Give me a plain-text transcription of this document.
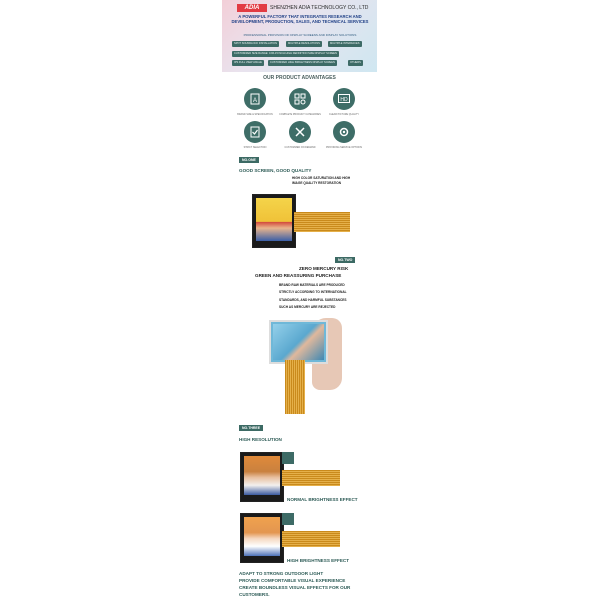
ADIA	SHENZHEN ADIA TECHNOLOGY CO., LTD
A POWERFUL FACTORY THAT INTEGRATES RESEARCH AND DEVELOPMENT, PRODUCTION, SALES, AND TECHNICAL SERVICES
PROFESSIONAL PROVISION OF DISPLAY SCREENS AND DISPLAY SOLUTIONS
SPOT SOUNDLOCK INSTALLATION	MULTIPLE RESOLUTIONS	MULTIPLE INTERFACES
CUSTOMIZED SIZE RANGE: 0.96-15 INCH HIGH DEFINITION SIZE DISPLAY SCREEN
IPS FULL VIEW ANGLE	CUSTOMIZED HIGH BRIGHTNESS DISPLAY SCREEN	OTHERS
OUR PRODUCT ADVANTAGES
A
BRAND SIZE & SPECIFICATION	COMPLETE PRODUCT CATEGORIES
HD
CLEAR PICTURE QUALITY
STRICT SELECTION	CUSTOMIZED ON DEMAND	PROVIDING SERVICE OPTIONS
NO.ONE
GOOD SCREEN, GOOD QUALITY
HIGH COLOR SATURATION AND HIGH
IMAGE QUALITY RESTORATION
NO.TWO
ZERO MERCURY RISK
GREEN AND REASSURING PURCHASE
BRAND RAW MATERIALS ARE PRODUCED
STRICTLY ACCORDING TO INTERNATIONAL
STANDARDS, AND HARMFUL SUBSTANCES
SUCH AS MERCURY ARE REJECTED
NO.THREE
HIGH RESOLUTION
NORMAL BRIGHTNESS EFFECT
HIGH BRIGHTNESS EFFECT
ADAPT TO STRONG OUTDOOR LIGHT
PROVIDE COMFORTABLE VISUAL EXPERIENCE
CREATE BOUNDLESS VISUAL EFFECTS FOR OUR
CUSTOMERS.
